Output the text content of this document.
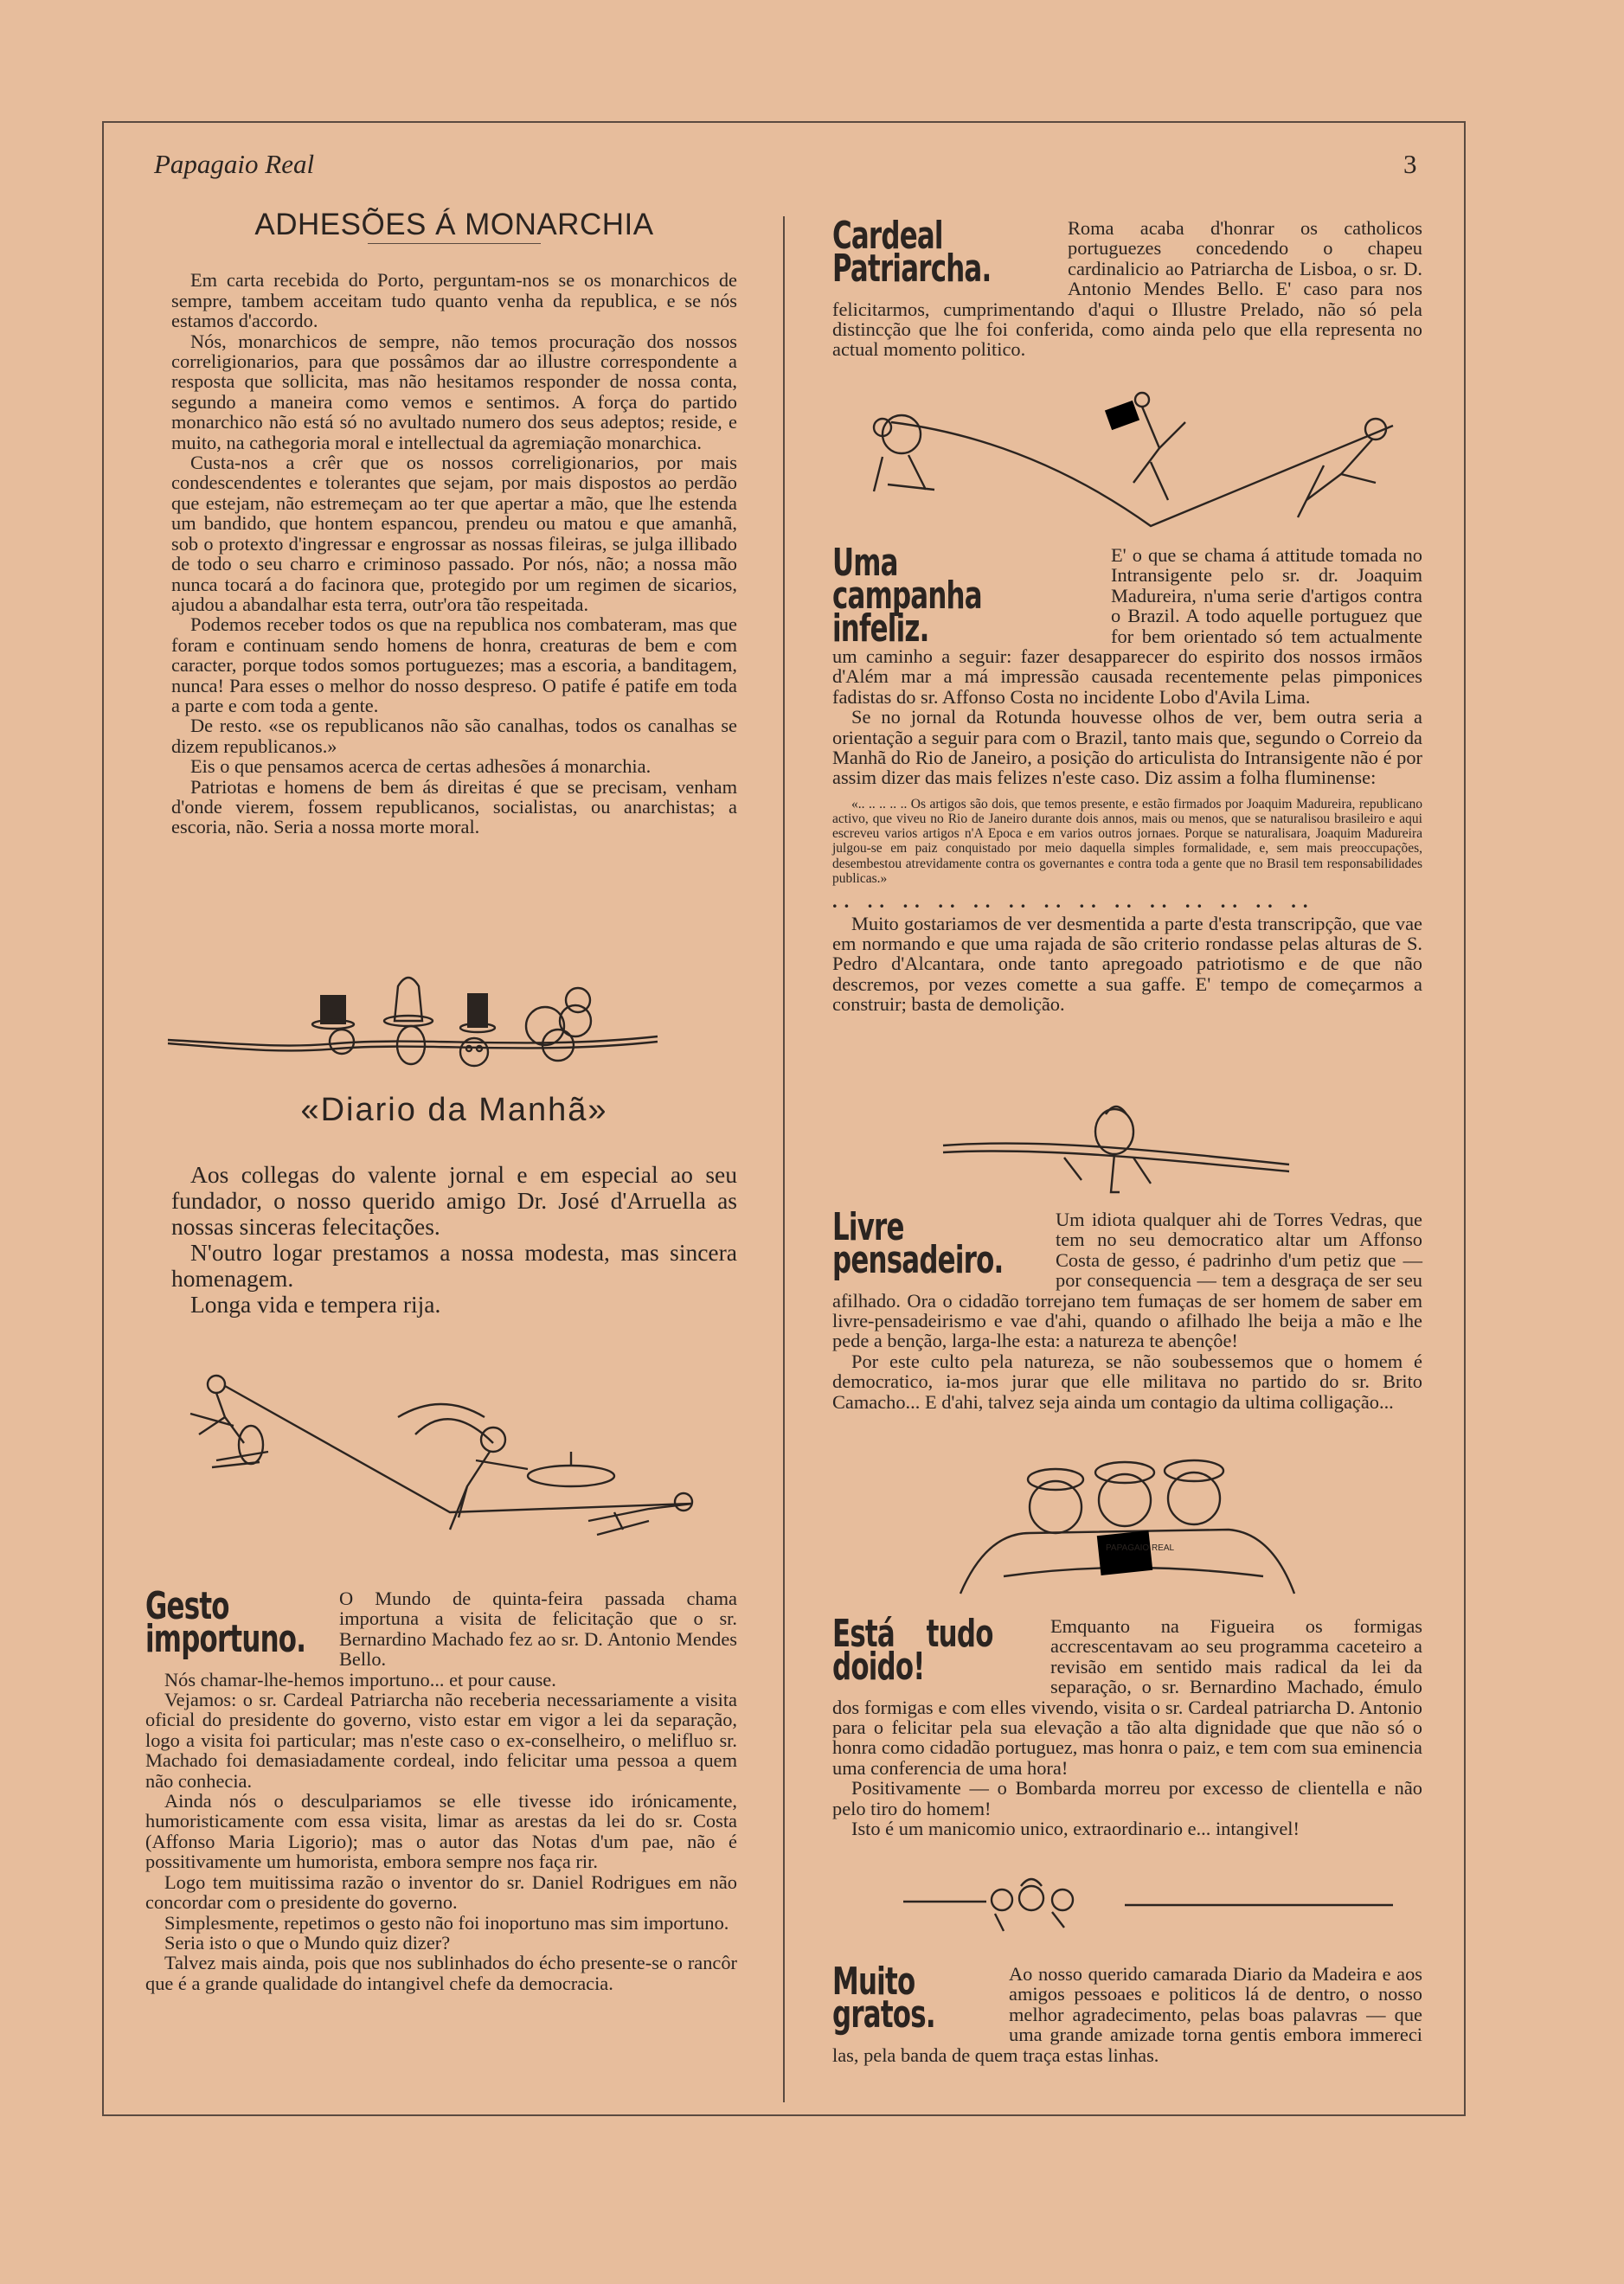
Papagaio Real	3
ADHESÕES Á MONARCHIA

Em carta recebida do Porto, perguntam-nos se os monarchicos de sempre, tambem acceitam tudo quanto venha da republica, e se nós estamos d'accordo.

Nós, monarchicos de sempre, não temos procuração dos nossos correligionarios, para que possâmos dar ao illustre correspondente a resposta que sollicita, mas não hesitamos responder de nossa conta, segundo a maneira como vemos e sentimos. A força do partido monarchico não está só no avultado numero dos seus adeptos; reside, e muito, na cathegoria moral e intellectual da agremiação monarchica.

Custa-nos a crêr que os nossos correligionarios, por mais condescendentes e tolerantes que sejam, por mais dispostos ao perdão que estejam, não estremeçam ao ter que apertar a mão, que lhe estenda um bandido, que hontem espancou, prendeu ou matou e que amanhã, sob o protexto d'ingressar e engrossar as nossas fileiras, se julga illibado de todo o seu charro e criminoso passado. Por nós, não; a nossa mão nunca tocará a do facinora que, protegido por um regimen de sicarios, ajudou a abandalhar esta terra, outr'ora tão respeitada.

Podemos receber todos os que na republica nos combateram, mas que foram e continuam sendo homens de honra, creaturas de bem e com caracter, porque todos somos portuguezes; mas a escoria, a banditagem, nunca! Para esses o melhor do nosso despreso. O patife é patife em toda a parte e com toda a gente.

De resto. «se os republicanos não são canalhas, todos os canalhas se dizem republicanos.»

Eis o que pensamos acerca de certas adhesões á monarchia.

Patriotas e homens de bem ás direitas é que se precisam, venham d'onde vierem, fossem republicanos, socialistas, ou anarchistas; a escoria, não. Seria a nossa morte moral.

«Diario da Manhã»

Aos collegas do valente jornal e em especial ao seu fundador, o nosso querido amigo Dr. José d'Arruella as nossas sinceras felecitações.

N'outro logar prestamos a nossa modesta, mas sincera homenagem.

Longa vida e tempera rija.

Gesto importuno.

O Mundo de quinta-feira passada chama importuna a visita de felicitação que o sr. Bernardino Machado fez ao sr. D. Antonio Mendes Bello.

Nós chamar-lhe-hemos importuno... et pour cause.

Vejamos: o sr. Cardeal Patriarcha não receberia necessariamente a visita oficial do presidente do governo, visto estar em vigor a lei da separação, logo a visita foi particular; mas n'este caso o ex-conselheiro, o melifluo sr. Machado foi demasiadamente cordeal, indo felicitar uma pessoa a quem não conhecia.

Ainda nós o desculpariamos se elle tivesse ido irónicamente, humoristicamente com essa visita, limar as arestas da lei do sr. Costa (Affonso Maria Ligorio); mas o autor das Notas d'um pae, não é possitivamente um humorista, embora sempre nos faça rir.

Logo tem muitissima razão o inventor do sr. Daniel Rodrigues em não concordar com o presidente do governo.

Simplesmente, repetimos o gesto não foi inoportuno mas sim importuno.

Seria isto o que o Mundo quiz dizer?

Talvez mais ainda, pois que nos sublinhados do écho presente-se o rancôr que é a grande qualidade do intangivel chefe da democracia.

Cardeal Patriarcha.

Roma acaba d'honrar os catholicos portuguezes concedendo o chapeu cardinalicio ao Patriarcha de Lisboa, o sr. D. Antonio Mendes Bello. E' caso para nos felicitarmos, cumprimentando d'aqui o Illustre Prelado, não só pela distincção que lhe foi conferida, como ainda pelo que ella representa no actual momento politico.

Uma campanha infeliz.

E' o que se chama á attitude tomada no Intransigente pelo sr. dr. Joaquim Madureira, n'uma serie d'artigos contra o Brazil. A todo aquelle portuguez que for bem orientado só tem actualmente um caminho a seguir: fazer desapparecer do espirito dos nossos irmãos d'Além mar a má impressão causada recentemente pelas pimponices fadistas do sr. Affonso Costa no incidente Lobo d'Avila Lima.

Se no jornal da Rotunda houvesse olhos de ver, bem outra seria a orientação a seguir para com o Brazil, tanto mais que, segundo o Correio da Manhã do Rio de Janeiro, a posição do articulista do Intransigente não é por assim dizer das mais felizes n'este caso. Diz assim a folha fluminense:

«.. .. .. .. .. Os artigos são dois, que temos presente, e estão firmados por Joaquim Madureira, republicano activo, que viveu no Rio de Janeiro durante dois annos, mais ou menos, que se naturalisou brasileiro e aqui escreveu varios artigos n'A Epoca e em varios outros jornaes. Porque se naturalisara, Joaquim Madureira julgou-se em paiz conquistado por meio daquella simples formalidade, e, sem mais preoccupações, desembestou atrevidamente contra os governantes e contra toda a gente que no Brasil tem responsabilidades publicas.»

.. .. .. .. .. .. .. .. .. .. .. .. .. ..

Muito gostariamos de ver desmentida a parte d'esta transcripção, que vae em normando e que uma rajada de são criterio rondasse pelas alturas de S. Pedro d'Alcantara, onde tanto apregoado patriotismo e de que não descremos, por vezes comette a sua gaffe. E' tempo de começarmos a construir; basta de demolição.

Livre pensadeiro.

Um idiota qualquer ahi de Torres Vedras, que tem no seu democratico altar um Affonso Costa de gesso, é padrinho d'um petiz que — por consequencia — tem a desgraça de ser seu afilhado. Ora o cidadão torrejano tem fumaças de ser homem de saber em livre-pensadeirismo e vae d'ahi, quando o afilhado lhe beija a mão e lhe pede a benção, larga-lhe esta: a natureza te abençôe!

Por este culto pela natureza, se não soubessemos que o homem é democratico, ia-mos jurar que elle militava no partido do sr. Brito Camacho... E d'ahi, talvez seja ainda um contagio da ultima colligação...

PAPAGAIO REAL
Está tudo doido!

Emquanto na Figueira os formigas accrescentavam ao seu programma caceteiro a revisão em sentido mais radical da lei da separação, o sr. Bernardino Machado, émulo dos formigas e com elles vivendo, visita o sr. Cardeal patriarcha D. Antonio para o felicitar pela sua elevação a tão alta dignidade que que não só o honra como cidadão portuguez, mas honra o paiz, e tem com sua eminencia uma conferencia de uma hora!

Positivamente — o Bombarda morreu por excesso de clientella e não pelo tiro do homem!

Isto é um manicomio unico, extraordinario e... intangivel!

Muito gratos.

Ao nosso querido camarada Diario da Madeira e aos amigos pessoaes e politicos lá de dentro, o nosso melhor agradecimento, pelas boas palavras — que uma grande amizade torna gentis embora immereci las, pela banda de quem traça estas linhas.
